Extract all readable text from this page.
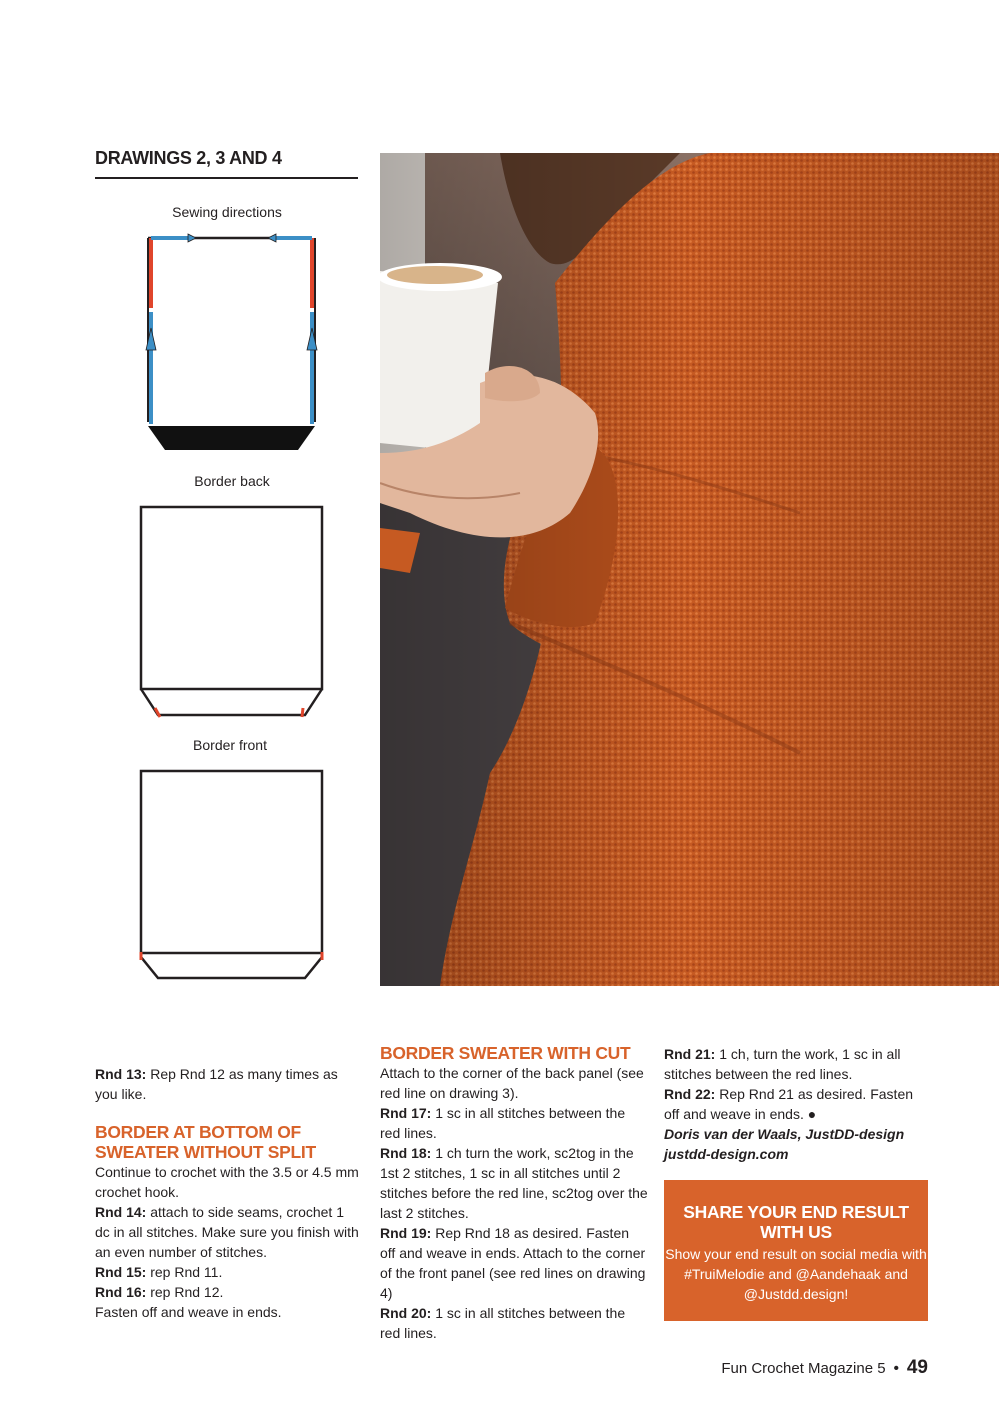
DRAWINGS 2, 3 AND 4
Sewing directions
Border back
Border front

Rnd 13: Rep Rnd 12 as many times as you like.

BORDER AT BOTTOM OF SWEATER WITHOUT SPLIT

Continue to crochet with the 3.5 or 4.5 mm crochet hook.

Rnd 14: attach to side seams, crochet 1 dc in all stitches. Make sure you finish with an even number of stitches.

Rnd 15: rep Rnd 11.

Rnd 16: rep Rnd 12.

Fasten off and weave in ends.

BORDER SWEATER WITH CUT

Attach to the corner of the back panel (see red line on drawing 3).

Rnd 17: 1 sc in all stitches between the red lines.

Rnd 18: 1 ch turn the work, sc2tog in the 1st 2 stitches, 1 sc in all stitches until 2 stitches before the red line, sc2tog over the last 2 stitches.

Rnd 19: Rep Rnd 18 as desired. Fasten off and weave in ends. Attach to the corner of the front panel (see red lines on drawing 4)

Rnd 20: 1 sc in all stitches between the red lines.

Rnd 21: 1 ch, turn the work, 1 sc in all stitches between the red lines.

Rnd 22: Rep Rnd 21 as desired. Fasten off and weave in ends. ●

Doris van der Waals, JustDD-design

justdd-design.com

SHARE YOUR END RESULT WITH US
Show your end result on social media with #TruiMelodie and @Aandehaak and @Justdd.design!
Fun Crochet Magazine 5 • 49
